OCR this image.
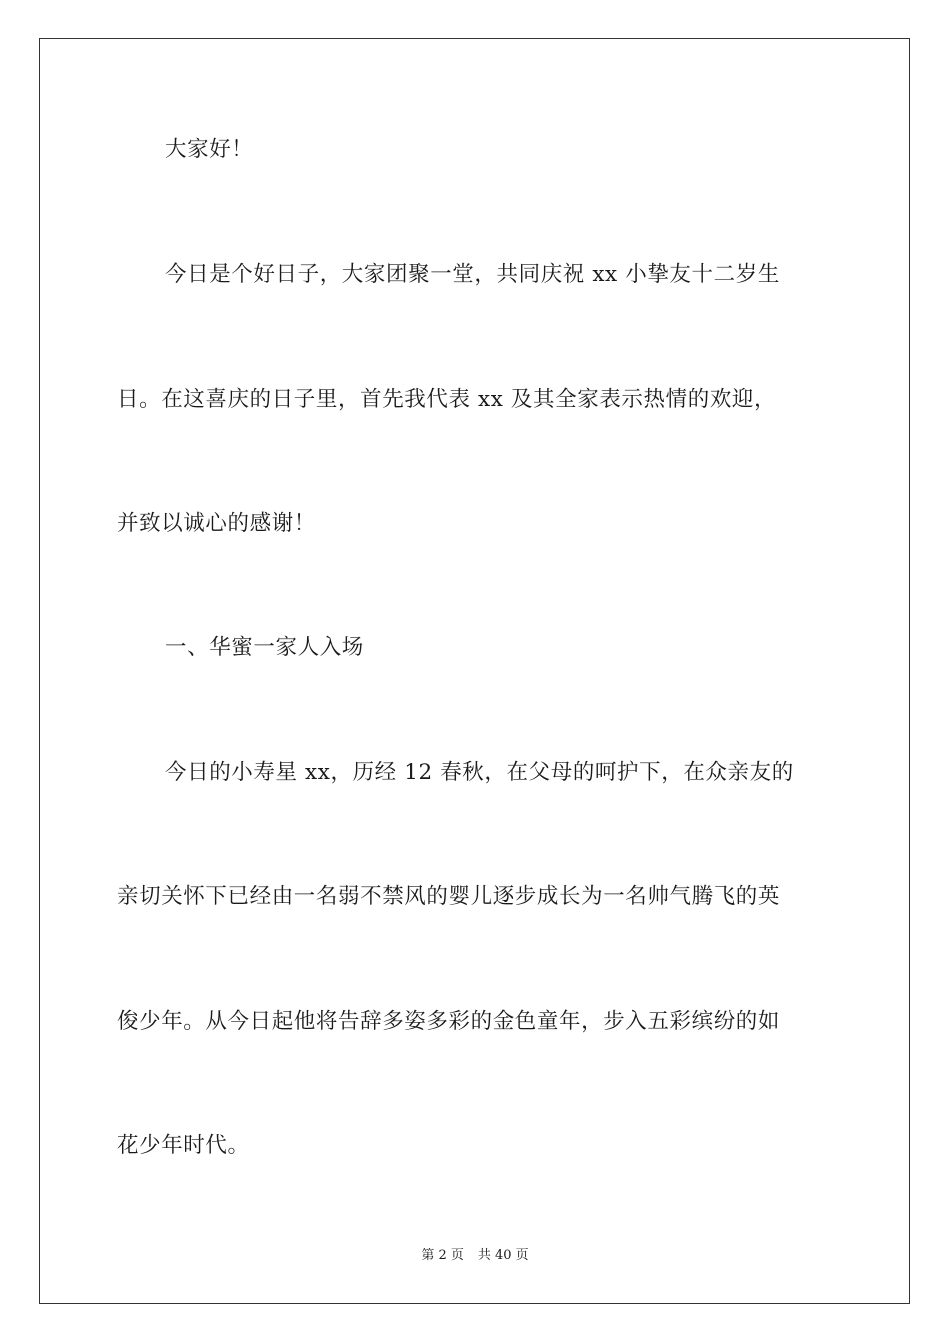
大家好！
今日是个好日子，大家团聚一堂，共同庆祝 xx 小挚友十二岁生
日。在这喜庆的日子里，首先我代表 xx 及其全家表示热情的欢迎，
并致以诚心的感谢！
一、华蜜一家人入场
今日的小寿星 xx，历经 12 春秋，在父母的呵护下，在众亲友的
亲切关怀下已经由一名弱不禁风的婴儿逐步成长为一名帅气腾飞的英
俊少年。从今日起他将告辞多姿多彩的金色童年，步入五彩缤纷的如
花少年时代。
第 2 页 共 40 页
